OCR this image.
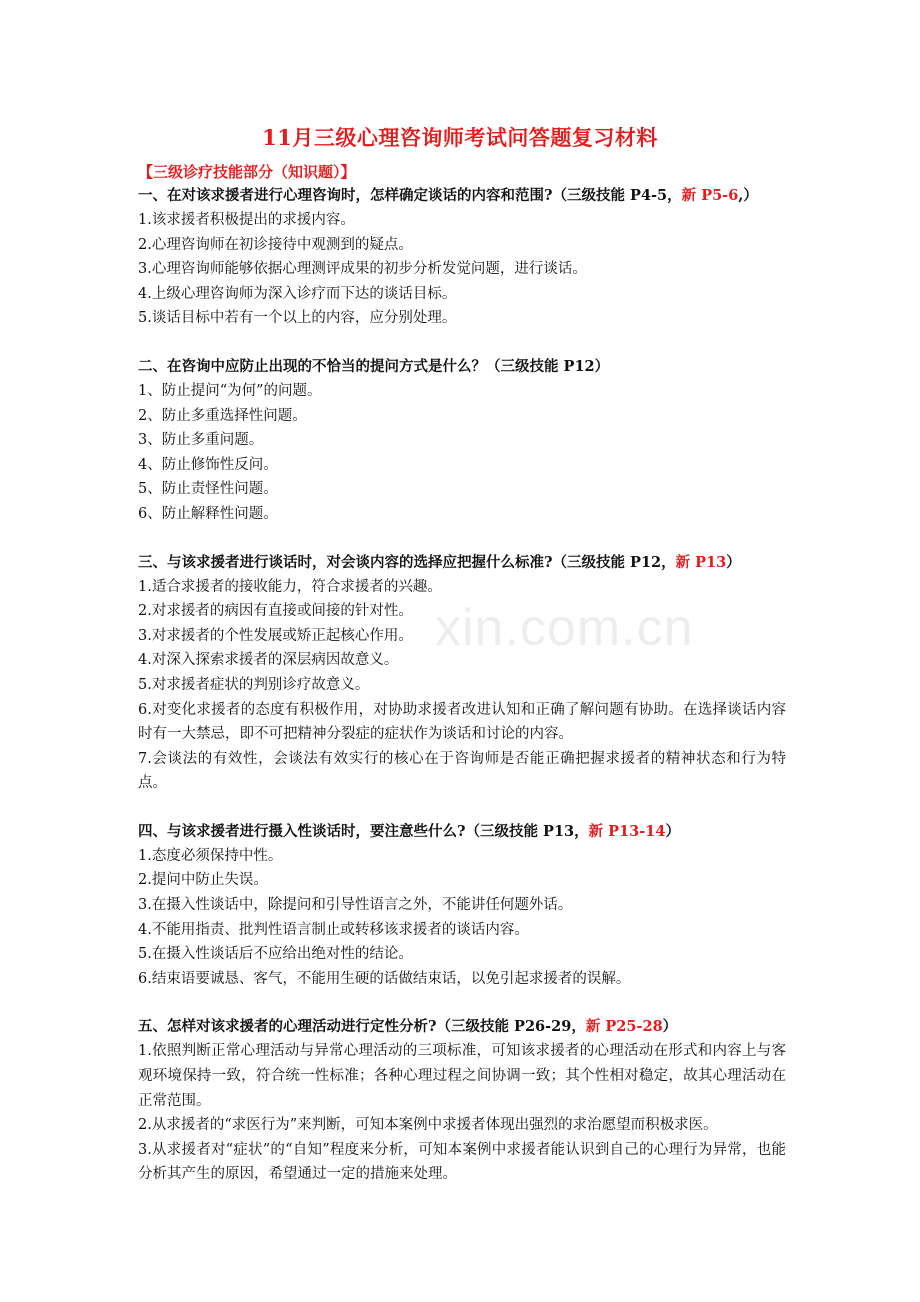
11月三级心理咨询师考试问答题复习材料
xin.com.cn
【三级诊疗技能部分（知识题）】
一、在对该求援者进行心理咨询时，怎样确定谈话的内容和范围?（三级技能 P4-5，新 P5-6,）
1.该求援者积极提出的求援内容。
2.心理咨询师在初诊接待中观测到的疑点。
3.心理咨询师能够依据心理测评成果的初步分析发觉问题，进行谈话。
4.上级心理咨询师为深入诊疗而下达的谈话目标。
5.谈话目标中若有一个以上的内容，应分别处理。
二、在咨询中应防止出现的不恰当的提问方式是什么？（三级技能 P12）
1、防止提问“为何”的问题。
2、防止多重选择性问题。
3、防止多重问题。
4、防止修饰性反问。
5、防止责怪性问题。
6、防止解释性问题。
三、与该求援者进行谈话时，对会谈内容的选择应把握什么标准?（三级技能 P12，新 P13）
1.适合求援者的接收能力，符合求援者的兴趣。
2.对求援者的病因有直接或间接的针对性。
3.对求援者的个性发展或矫正起核心作用。
4.对深入探索求援者的深层病因故意义。
5.对求援者症状的判别诊疗故意义。
6.对变化求援者的态度有积极作用，对协助求援者改进认知和正确了解问题有协助。在选择谈话内容时有一大禁忌，即不可把精神分裂症的症状作为谈话和讨论的内容。
7.会谈法的有效性，会谈法有效实行的核心在于咨询师是否能正确把握求援者的精神状态和行为特点。
四、与该求援者进行摄入性谈话时，要注意些什么?（三级技能 P13，新 P13-14）
1.态度必须保持中性。
2.提问中防止失误。
3.在摄入性谈话中，除提问和引导性语言之外，不能讲任何题外话。
4.不能用指责、批判性语言制止或转移该求援者的谈话内容。
5.在摄入性谈话后不应给出绝对性的结论。
6.结束语要诚恳、客气，不能用生硬的话做结束话，以免引起求援者的误解。
五、怎样对该求援者的心理活动进行定性分析?（三级技能 P26-29，新 P25-28）
1.依照判断正常心理活动与异常心理活动的三项标准，可知该求援者的心理活动在形式和内容上与客观环境保持一致，符合统一性标准；各种心理过程之间协调一致；其个性相对稳定，故其心理活动在正常范围。
2.从求援者的“求医行为”来判断，可知本案例中求援者体现出强烈的求治愿望而积极求医。
3.从求援者对“症状”的“自知”程度来分析，可知本案例中求援者能认识到自己的心理行为异常，也能分析其产生的原因，希望通过一定的措施来处理。
